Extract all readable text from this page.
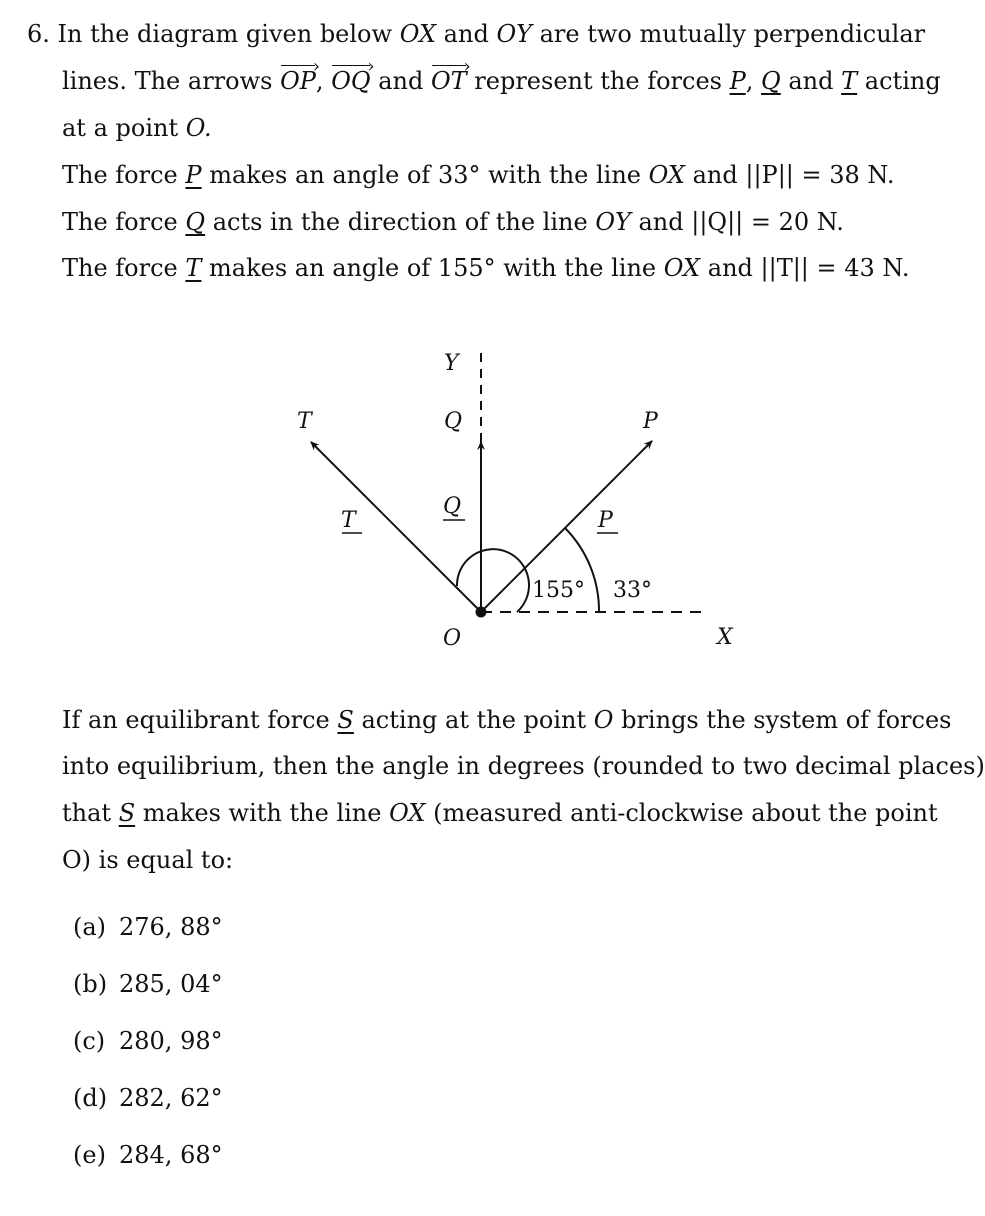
6. In the diagram given below OX and OY are two mutually perpendicular
lines. The arrows OP ›, OQ › and OT › represent the forces P, Q and T acting
at a point O.
The force P makes an angle of 33° with the line OX and ||P|| = 38 N.
The force Q acts in the direction of the line OY and ||Q|| = 20 N.
The force T makes an angle of 155° with the line OX and ||T|| = 43 N.
Y
Q
T	P
Q
T	P
155° 33°
O	X
If an equilibrant force S acting at the point O brings the system of forces
into equilibrium, then the angle in degrees (rounded to two decimal places)
that S makes with the line OX (measured anti-clockwise about the point
O) is equal to:
(a) 276, 88°
(b) 285, 04°
(c) 280, 98°
(d) 282, 62°
(e) 284, 68°
